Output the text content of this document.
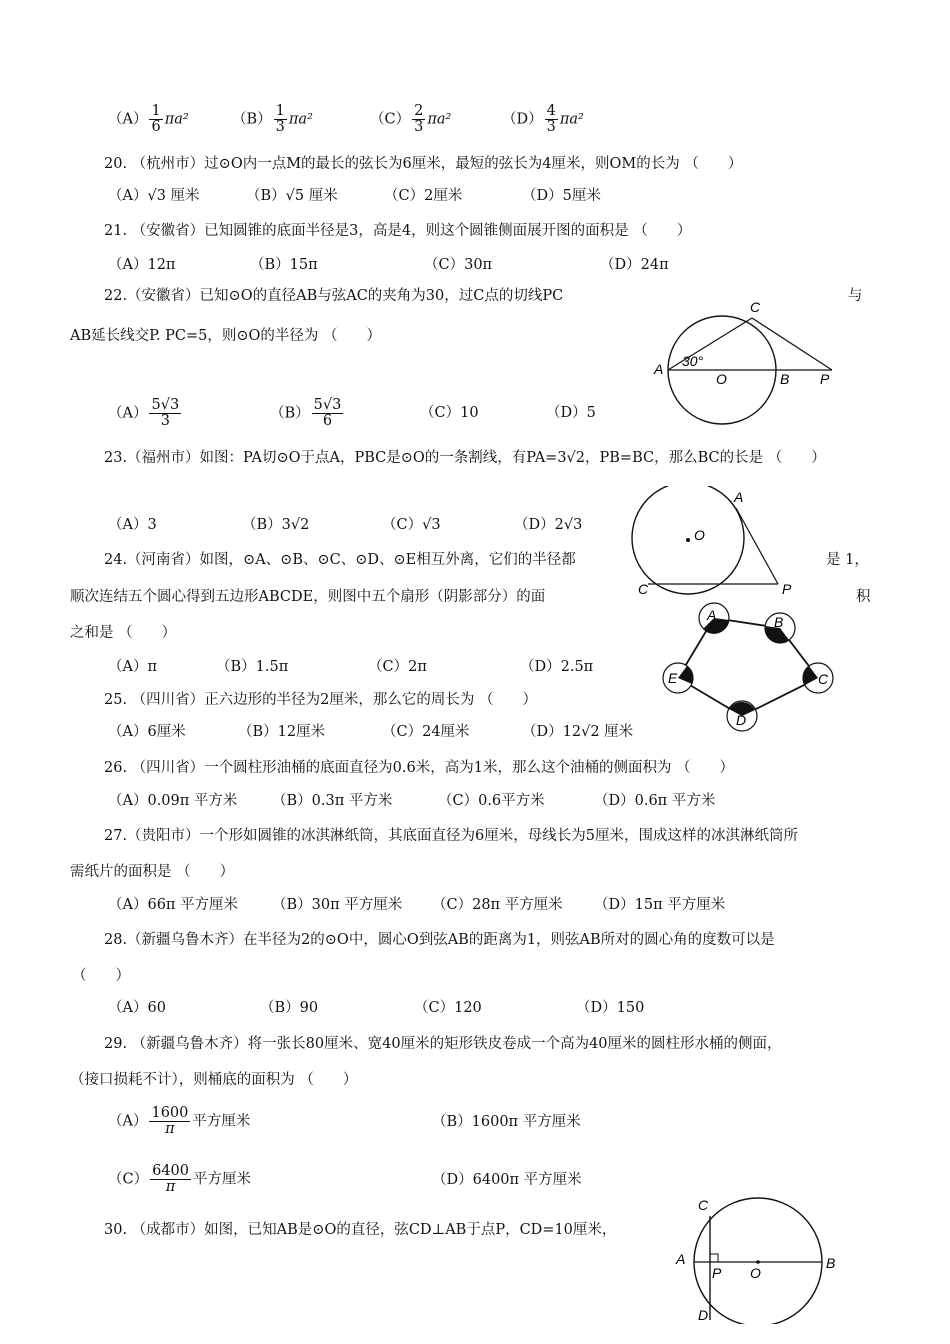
$(A) \frac{1}{6} \pi a^2$	$(B) \frac{1}{3} \pi a^2$	$(C) \frac{2}{3} \pi a^2$	$(D) \frac{4}{3} \pi a^2$
20. （杭州市）过⊙O内一点M的最长的弦长为6厘米，最短的弦长为4厘米，则OM的长为 （　　）
（A）√3 厘米	（B）√5 厘米	（C）2厘米	（D）5厘米
21. （安徽省）已知圆锥的底面半径是3，高是4，则这个圆锥侧面展开图的面积是 （　　）
（A）12π	（B）15π	（C）30π	（D）24π
22.（安徽省）已知⊙O的直径AB与弦AC的夹角为30，过C点的切线PC	与
AB延长线交P. PC=5，则⊙O的半径为 （　　）
$(A) \frac{5√3}{3}$	$(B) \frac{5√3}{6}$	（C）10	（D）5
C
A 30°
O	B P
23.（福州市）如图：PA切⊙O于点A，PBC是⊙O的一条割线，有PA=3√2，PB=BC，那么BC的长是 （　　）
（A）3	（B）3√2	（C）√3	（D）2√3
A
O
C	P
24.（河南省）如图，⊙A、⊙B、⊙C、⊙D、⊙E相互外离，它们的半径都	是 1，
顺次连结五个圆心得到五边形ABCDE，则图中五个扇形（阴影部分）的面	积
之和是 （　　）
（A）π	（B）1.5π	（C）2π	（D）2.5π
A	B
C
D
E
25. （四川省）正六边形的半径为2厘米，那么它的周长为 （　　）
（A）6厘米	（B）12厘米	（C）24厘米	（D）12√2 厘米
26. （四川省）一个圆柱形油桶的底面直径为0.6米，高为1米，那么这个油桶的侧面积为 （　　）
（A）0.09π 平方米 （B）0.3π 平方米	（C）0.6平方米	（D）0.6π 平方米
27.（贵阳市）一个形如圆锥的冰淇淋纸筒，其底面直径为6厘米，母线长为5厘米，围成这样的冰淇淋纸筒所
需纸片的面积是 （　　）
（A）66π 平方厘米 （B）30π 平方厘米 （C）28π 平方厘米 （D）15π 平方厘米
28.（新疆乌鲁木齐）在半径为2的⊙O中，圆心O到弦AB的距离为1，则弦AB所对的圆心角的度数可以是
（　　）
（A）60	（B）90	（C）120	（D）150
29. （新疆乌鲁木齐）将一张长80厘米、宽40厘米的矩形铁皮卷成一个高为40厘米的圆柱形水桶的侧面，
（接口损耗不计），则桶底的面积为 （　　）
$(A) \frac{1600}{\pi}$ 平方厘米	（B）1600π 平方厘米
$(C) \frac{6400}{\pi}$ 平方厘米	（D）6400π 平方厘米
30. （成都市）如图，已知AB是⊙O的直径，弦CD⊥AB于点P，CD=10厘米，
C
A
P O
B
D
